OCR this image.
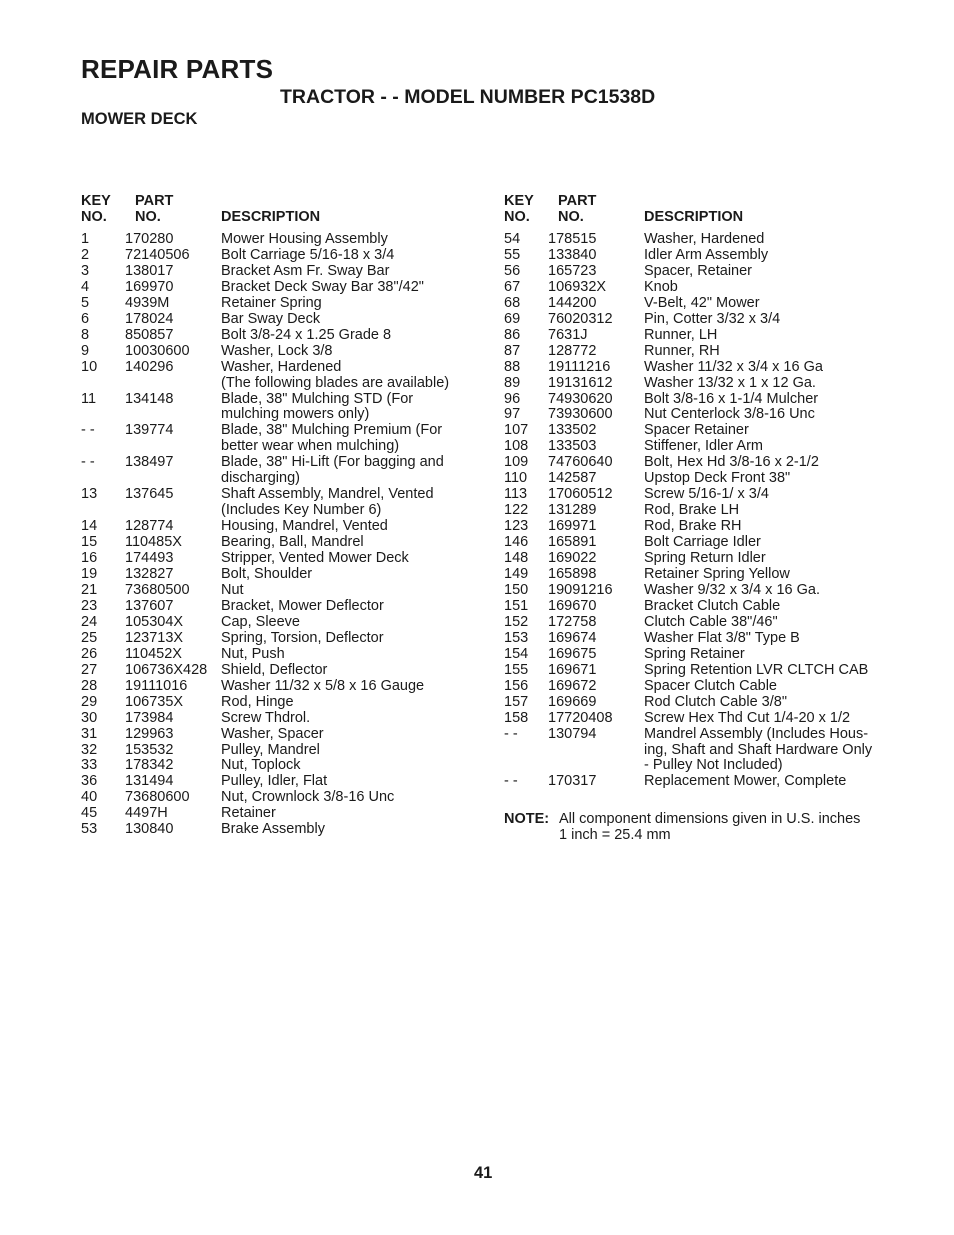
REPAIR PARTS
TRACTOR - - MODEL NUMBER PC1538D
MOWER DECK
KEY
NO.
PART
NO.	DESCRIPTION
1	170280	Mower Housing Assembly
2	72140506	Bolt Carriage 5/16-18 x 3/4
3	138017	Bracket Asm Fr. Sway Bar
4	169970	Bracket Deck Sway Bar 38"/42"
5	4939M	Retainer Spring
6	178024	Bar Sway Deck
8	850857	Bolt 3/8-24 x 1.25 Grade 8
9	10030600	Washer, Lock 3/8
10	140296	Washer, Hardened
(The following blades are available)
11	134148	Blade, 38" Mulching STD (For
mulching mowers only)
- -	139774	Blade, 38" Mulching Premium (For
better wear when mulching)
- -	138497	Blade, 38" Hi-Lift (For bagging and
discharging)
13	137645	Shaft Assembly, Mandrel, Vented
(Includes Key Number 6)
14	128774	Housing, Mandrel, Vented
15	110485X	Bearing, Ball, Mandrel
16	174493	Stripper, Vented Mower Deck
19	132827	Bolt, Shoulder
21	73680500	Nut
23	137607	Bracket, Mower Deflector
24	105304X	Cap, Sleeve
25	123713X	Spring, Torsion, Deflector
26	110452X	Nut, Push
27	106736X428 Shield, Deflector
28	19111016	Washer 11/32 x 5/8 x 16 Gauge
29	106735X	Rod, Hinge
30	173984	Screw Thdrol.
31	129963	Washer, Spacer
32	153532	Pulley, Mandrel
33	178342	Nut, Toplock
36	131494	Pulley, Idler, Flat
40	73680600	Nut, Crownlock 3/8-16 Unc
45	4497H	Retainer
53	130840	Brake Assembly
KEY
NO.
PART
NO.	DESCRIPTION
54	178515	Washer, Hardened
55	133840	Idler Arm Assembly
56	165723	Spacer, Retainer
67	106932X	Knob
68	144200	V-Belt, 42" Mower
69	76020312	Pin, Cotter 3/32 x 3/4
86	7631J	Runner, LH
87	128772	Runner, RH
88	19111216	Washer 11/32 x 3/4 x 16 Ga
89	19131612	Washer 13/32 x 1 x 12 Ga.
96	74930620	Bolt 3/8-16 x 1-1/4 Mulcher
97	73930600	Nut Centerlock 3/8-16 Unc
107	133502	Spacer Retainer
108	133503	Stiffener, Idler Arm
109	74760640	Bolt, Hex Hd 3/8-16 x 2-1/2
110	142587	Upstop Deck Front 38"
113	17060512	Screw 5/16-1/ x 3/4
122	131289	Rod, Brake LH
123	169971	Rod, Brake RH
146	165891	Bolt Carriage Idler
148	169022	Spring Return Idler
149	165898	Retainer Spring Yellow
150	19091216	Washer 9/32 x 3/4 x 16 Ga.
151	169670	Bracket Clutch Cable
152	172758	Clutch Cable 38"/46"
153	169674	Washer Flat 3/8" Type B
154	169675	Spring Retainer
155	169671	Spring Retention LVR CLTCH CAB
156	169672	Spacer Clutch Cable
157	169669	Rod Clutch Cable 3/8"
158	17720408	Screw Hex Thd Cut 1/4-20 x 1/2
- -	130794	Mandrel Assembly (Includes Hous-
ing, Shaft and Shaft Hardware Only
- Pulley Not Included)
- -	170317	Replacement Mower, Complete
NOTE: All component dimensions given in U.S. inches
1 inch = 25.4 mm
41
